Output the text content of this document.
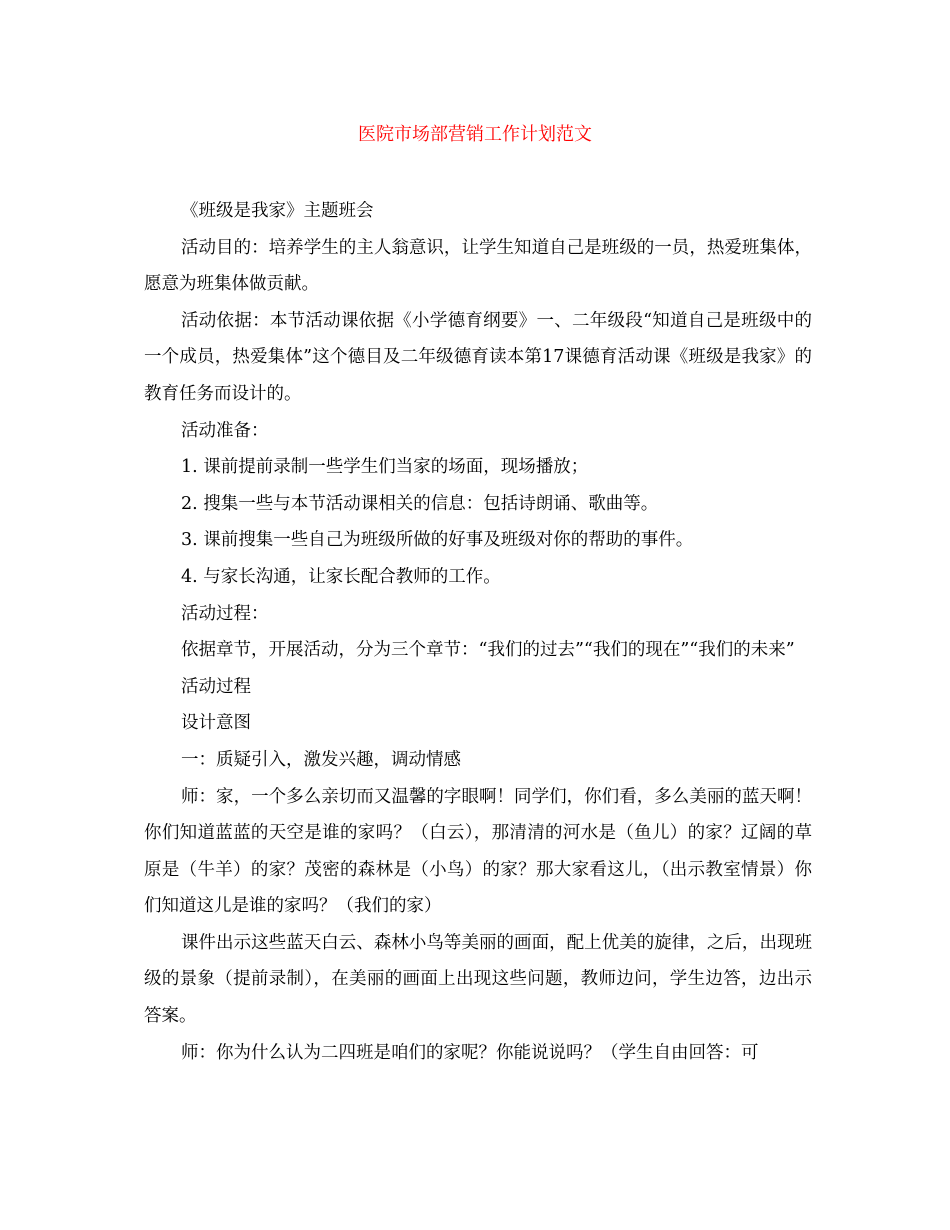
医院市场部营销工作计划范文

《班级是我家》主题班会

活动目的：培养学生的主人翁意识，让学生知道自己是班级的一员，热爱班集体，愿意为班集体做贡献。

活动依据：本节活动课依据《小学德育纲要》一、二年级段“知道自己是班级中的一个成员，热爱集体”这个德目及二年级德育读本第17课德育活动课《班级是我家》的教育任务而设计的。

活动准备：

1. 课前提前录制一些学生们当家的场面，现场播放；

2. 搜集一些与本节活动课相关的信息：包括诗朗诵、歌曲等。

3. 课前搜集一些自己为班级所做的好事及班级对你的帮助的事件。

4. 与家长沟通，让家长配合教师的工作。

活动过程：

依据章节，开展活动，分为三个章节：“我们的过去”“我们的现在”“我们的未来”

活动过程

设计意图

一：质疑引入，激发兴趣，调动情感

师：家，一个多么亲切而又温馨的字眼啊！同学们，你们看，多么美丽的蓝天啊！你们知道蓝蓝的天空是谁的家吗？（白云），那清清的河水是（鱼儿）的家？辽阔的草原是（牛羊）的家？茂密的森林是（小鸟）的家？那大家看这儿，（出示教室情景）你们知道这儿是谁的家吗？（我们的家）

课件出示这些蓝天白云、森林小鸟等美丽的画面，配上优美的旋律，之后，出现班级的景象（提前录制），在美丽的画面上出现这些问题，教师边问，学生边答，边出示答案。

师：你为什么认为二四班是咱们的家呢？你能说说吗？（学生自由回答：可
